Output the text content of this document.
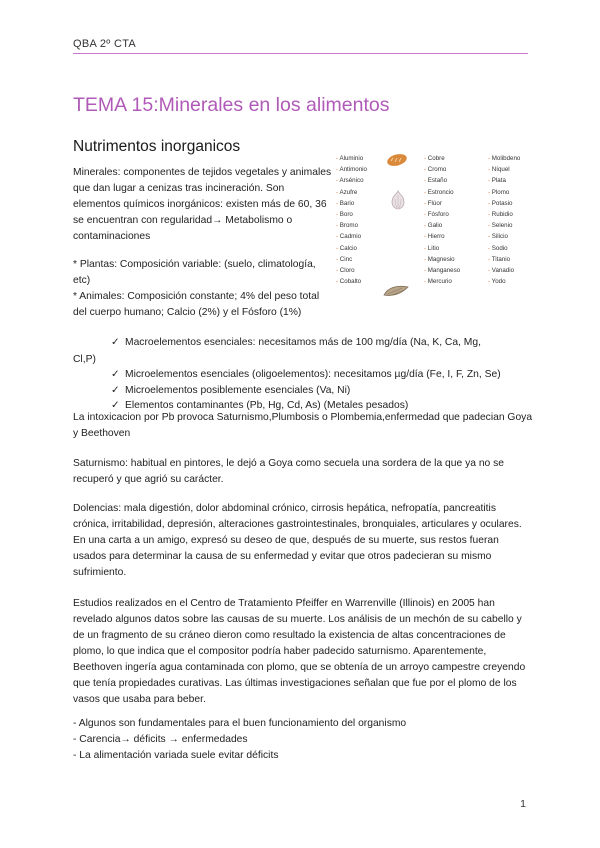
QBA 2º CTA
TEMA 15:Minerales en los alimentos
Nutrimentos inorganicos

Minerales: componentes de tejidos vegetales y animales que dan lugar a cenizas tras incineración. Son elementos químicos inorgánicos: existen más de 60, 36 se encuentran con regularidad→ Metabolismo o contaminaciones

* Plantas: Composición variable: (suelo, climatología, etc)
* Animales: Composición constante; 4% del peso total del cuerpo humano; Calcio (2%) y el Fósforo (1%)
- Aluminio
- Antimonio
- Arsénico
- Azufre
- Bario
- Boro
- Bromo
- Cadmio
- Calcio
- Cinc
- Cloro
- Cobalto
- Cobre
- Cromo
- Estaño
- Estroncio
- Flúor
- Fósforo
- Galio
- Hierro
- Litio
- Magnesio
- Manganeso
- Mercurio
- Molibdeno
- Níquel
- Plata
- Plomo
- Potasio
- Rubidio
- Selenio
- Silicio
- Sodio
- Titanio
- Vanadio
- Yodo
✓ Macroelementos esenciales: necesitamos más de 100 mg/día (Na, K, Ca, Mg,
Cl,P)
✓ Microelementos esenciales (oligoelementos): necesitamos µg/día (Fe, I, F, Zn, Se)
✓ Microelementos posiblemente esenciales (Va, Ni)
✓ Elementos contaminantes (Pb, Hg, Cd, As) (Metales pesados)

La intoxicacion por Pb provoca Saturnismo,Plumbosis o Plombemia,enfermedad que padecian Goya y Beethoven

Saturnismo: habitual en pintores, le dejó a Goya como secuela una sordera de la que ya no se recuperó y que agrió su carácter.

Dolencias: mala digestión, dolor abdominal crónico, cirrosis hepática, nefropatía, pancreatitis crónica, irritabilidad, depresión, alteraciones gastrointestinales, bronquiales, articulares y oculares. En una carta a un amigo, expresó su deseo de que, después de su muerte, sus restos fueran usados para determinar la causa de su enfermedad y evitar que otros padecieran su mismo sufrimiento.

Estudios realizados en el Centro de Tratamiento Pfeiffer en Warrenville (Illinois) en 2005 han revelado algunos datos sobre las causas de su muerte. Los análisis de un mechón de su cabello y de un fragmento de su cráneo dieron como resultado la existencia de altas concentraciones de plomo, lo que indica que el compositor podría haber padecido saturnismo. Aparentemente, Beethoven ingería agua contaminada con plomo, que se obtenía de un arroyo campestre creyendo que tenía propiedades curativas. Las últimas investigaciones señalan que fue por el plomo de los vasos que usaba para beber.

- Algunos son fundamentales para el buen funcionamiento del organismo
- Carencia→ déficits → enfermedades
- La alimentación variada suele evitar déficits
1
